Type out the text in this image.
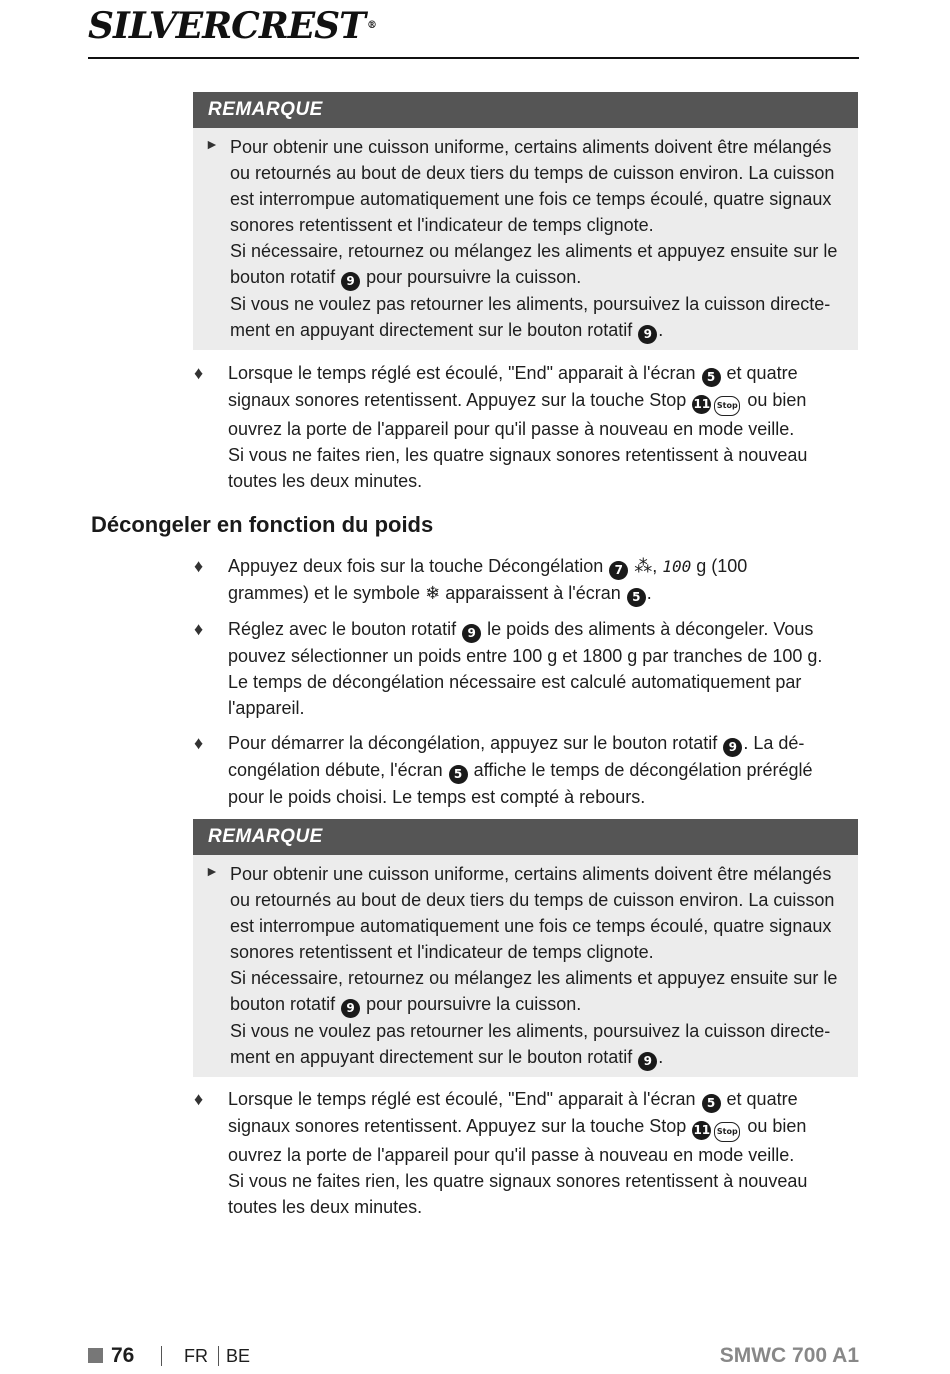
SILVERCREST ®
REMARQUE
► Pour obtenir une cuisson uniforme, certains aliments doivent être mélangés
ou retournés au bout de deux tiers du temps de cuisson environ. La cuisson
est interrompue automatiquement une fois ce temps écoulé, quatre signaux
sonores retentissent et l'indicateur de temps clignote.
Si nécessaire, retournez ou mélangez les aliments et appuyez ensuite sur le
bouton rotatif 9 pour poursuivre la cuisson.
Si vous ne voulez pas retourner les aliments, poursuivez la cuisson directe-
ment en appuyant directement sur le bouton rotatif 9 .
♦ Lorsque le temps réglé est écoulé, "End" apparait à l'écran 5 et quatre
signaux sonores retentissent. Appuyez sur la touche Stop 11 Stop ou bien
ouvrez la porte de l'appareil pour qu'il passe à nouveau en mode veille.
Si vous ne faites rien, les quatre signaux sonores retentissent à nouveau
toutes les deux minutes.
Décongeler en fonction du poids
♦ Appuyez deux fois sur la touche Décongélation 7 ⁂, 100 g (100
grammes) et le symbole ❄ apparaissent à l'écran 5 .
♦ Réglez avec le bouton rotatif 9 le poids des aliments à décongeler. Vous
pouvez sélectionner un poids entre 100 g et 1800 g par tranches de 100 g.
Le temps de décongélation nécessaire est calculé automatiquement par
l'appareil.
♦ Pour démarrer la décongélation, appuyez sur le bouton rotatif 9 . La dé-
congélation débute, l'écran 5 affiche le temps de décongélation préréglé
pour le poids choisi. Le temps est compté à rebours.
REMARQUE
► Pour obtenir une cuisson uniforme, certains aliments doivent être mélangés
ou retournés au bout de deux tiers du temps de cuisson environ. La cuisson
est interrompue automatiquement une fois ce temps écoulé, quatre signaux
sonores retentissent et l'indicateur de temps clignote.
Si nécessaire, retournez ou mélangez les aliments et appuyez ensuite sur le
bouton rotatif 9 pour poursuivre la cuisson.
Si vous ne voulez pas retourner les aliments, poursuivez la cuisson directe-
ment en appuyant directement sur le bouton rotatif 9 .
♦ Lorsque le temps réglé est écoulé, "End" apparait à l'écran 5 et quatre
signaux sonores retentissent. Appuyez sur la touche Stop 11 Stop ou bien
ouvrez la porte de l'appareil pour qu'il passe à nouveau en mode veille.
Si vous ne faites rien, les quatre signaux sonores retentissent à nouveau
toutes les deux minutes.
76	FR BE	SMWC 700 A1
